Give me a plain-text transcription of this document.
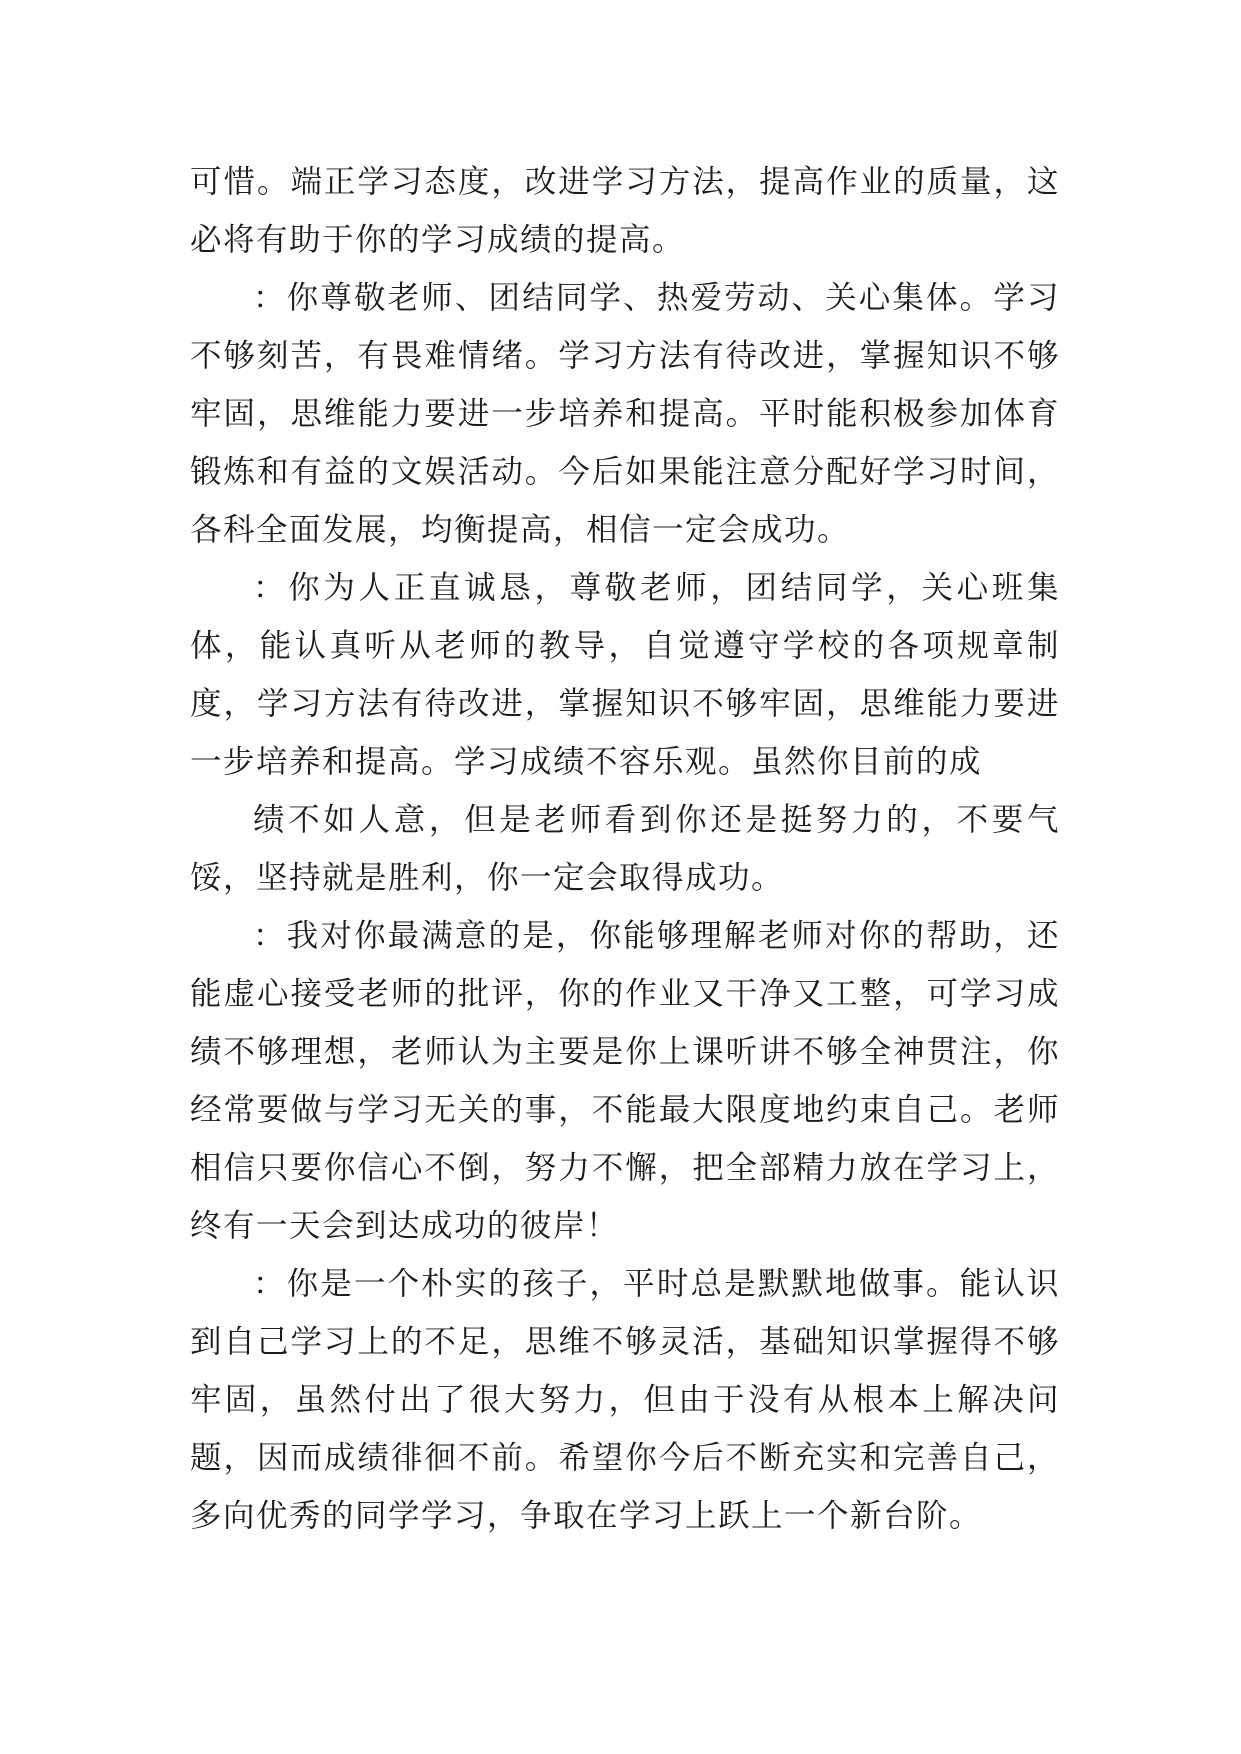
可惜。端正学习态度，改进学习方法，提高作业的质量，这必将有助于你的学习成绩的提高。

：你尊敬老师、团结同学、热爱劳动、关心集体。学习不够刻苦，有畏难情绪。学习方法有待改进，掌握知识不够牢固，思维能力要进一步培养和提高。平时能积极参加体育锻炼和有益的文娱活动。今后如果能注意分配好学习时间，各科全面发展，均衡提高，相信一定会成功。

：你为人正直诚恳，尊敬老师，团结同学，关心班集体，能认真听从老师的教导，自觉遵守学校的各项规章制度，学习方法有待改进，掌握知识不够牢固，思维能力要进一步培养和提高。学习成绩不容乐观。虽然你目前的成

绩不如人意，但是老师看到你还是挺努力的，不要气馁，坚持就是胜利，你一定会取得成功。

：我对你最满意的是，你能够理解老师对你的帮助，还能虚心接受老师的批评，你的作业又干净又工整，可学习成绩不够理想，老师认为主要是你上课听讲不够全神贯注，你经常要做与学习无关的事，不能最大限度地约束自己。老师相信只要你信心不倒，努力不懈，把全部精力放在学习上，终有一天会到达成功的彼岸！

：你是一个朴实的孩子，平时总是默默地做事。能认识到自己学习上的不足，思维不够灵活，基础知识掌握得不够牢固，虽然付出了很大努力，但由于没有从根本上解决问题，因而成绩徘徊不前。希望你今后不断充实和完善自己，多向优秀的同学学习，争取在学习上跃上一个新台阶。
